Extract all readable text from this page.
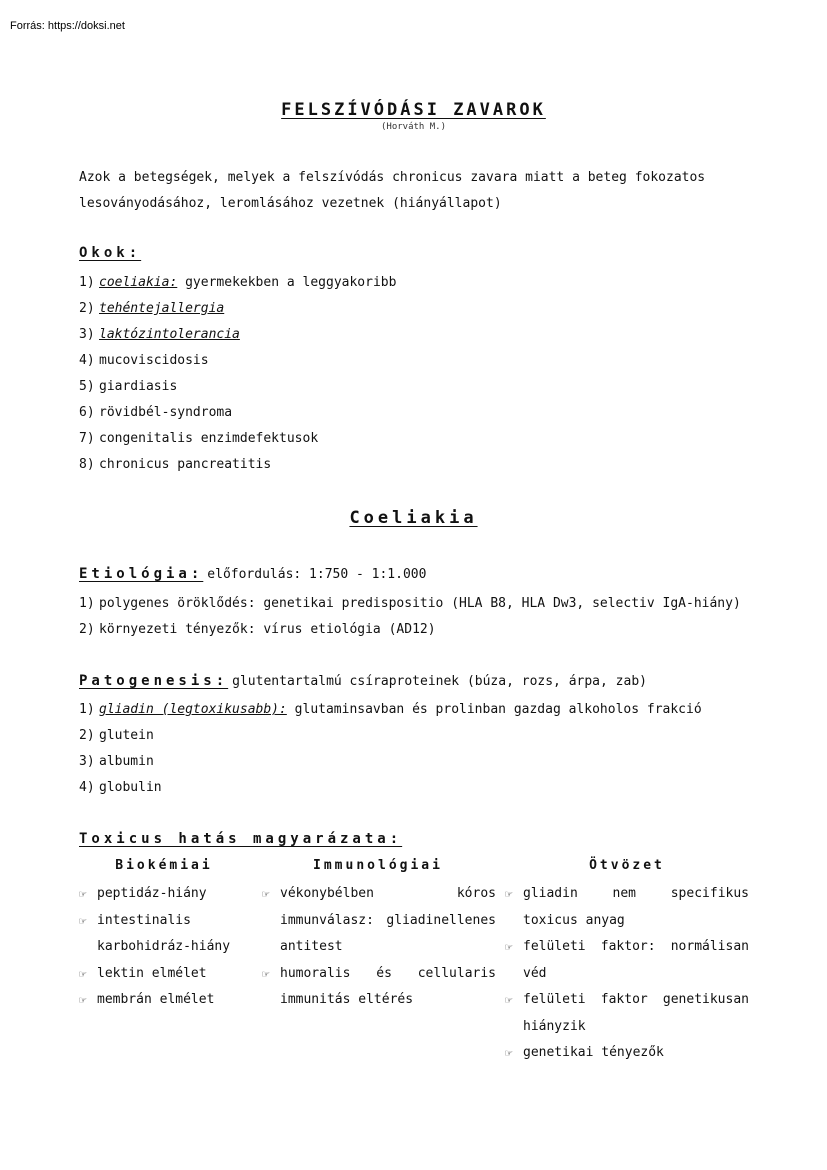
Forrás: https://doksi.net
FELSZÍVÓDÁSI ZAVAROK
(Horváth M.)
Azok a betegségek, melyek a felszívódás chronicus zavara miatt a beteg fokozatos lesoványodásához, leromlásához vezetnek (hiányállapot)
Okok:
1) coeliakia: gyermekekben a leggyakoribb
2) tehéntejallergia
3) laktózintolerancia
4) mucoviscidosis
5) giardiasis
6) rövidbél-syndroma
7) congenitalis enzimdefektusok
8) chronicus pancreatitis
Coeliakia
Etiológia: előfordulás: 1:750 - 1:1.000
1) polygenes öröklődés: genetikai predispositio (HLA B8, HLA Dw3, selectiv IgA-hiány)
2) környezeti tényezők: vírus etiológia (AD12)
Patogenesis: glutentartalmú csíraproteinek (búza, rozs, árpa, zab)
1) gliadin (legtoxikusabb): glutaminsavban és prolinban gazdag alkoholos frakció
2) glutein
3) albumin
4) globulin
Toxicus hatás magyarázata:
Biokémiai	Immunológiai	Ötvözet
☞ peptidáz-hiány
☞ intestinalis karbohidráz-hiány
☞ lektin elmélet
☞ membrán elmélet
☞ vékonybélben kóros immunválasz: gliadinellenes antitest
☞ humoralis és cellularis immunitás eltérés
☞ gliadin nem specifikus toxicus anyag
☞ felületi faktor: normálisan véd
☞ felületi faktor genetikusan hiányzik
☞ genetikai tényezők
